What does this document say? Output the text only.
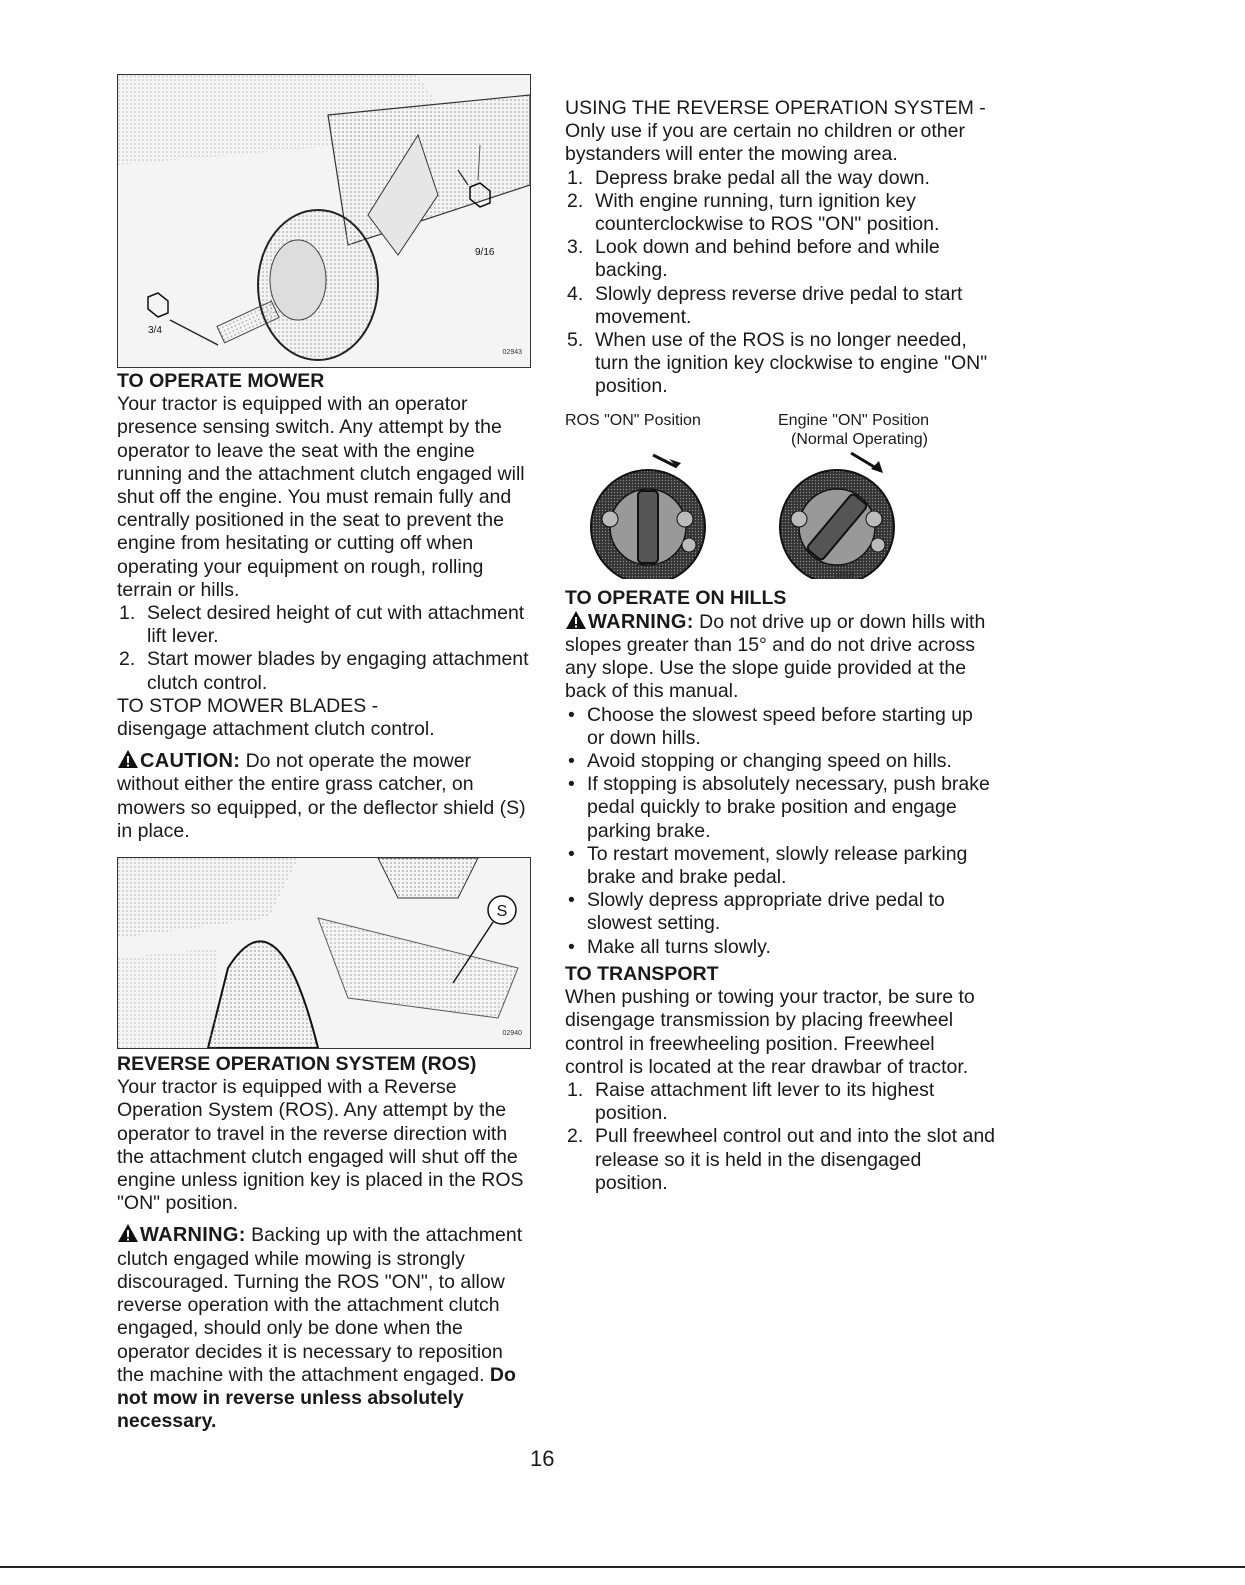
9/16
3/4
02943

TO OPERATE MOWER

Your tractor is equipped with an operator presence sensing switch. Any attempt by the operator to leave the seat with the engine running and the attachment clutch engaged will shut off the engine. You must remain fully and centrally positioned in the seat to prevent the engine from hesitating or cutting off when operating your equipment on rough, rolling terrain or hills.

1. Select desired height of cut with attachment lift lever.
2. Start mower blades by engaging attachment clutch control.

TO STOP MOWER BLADES -

disengage attachment clutch control.

CAUTION: Do not operate the mower without either the entire grass catcher, on mowers so equipped, or the deflector shield (S) in place.

S
02940

REVERSE OPERATION SYSTEM (ROS)

Your tractor is equipped with a Reverse Operation System (ROS). Any attempt by the operator to travel in the reverse direction with the attachment clutch engaged will shut off the engine unless ignition key is placed in the ROS "ON" position.

WARNING: Backing up with the attachment clutch engaged while mowing is strongly discouraged. Turning the ROS "ON", to allow reverse operation with the attachment clutch engaged, should only be done when the operator decides it is necessary to reposition the machine with the attachment engaged. Do not mow in reverse unless absolutely necessary.

USING THE REVERSE OPERATION SYSTEM -

Only use if you are certain no children or other bystanders will enter the mowing area.

1. Depress brake pedal all the way down.
2. With engine running, turn ignition key counterclockwise to ROS "ON" position.
3. Look down and behind before and while backing.
4. Slowly depress reverse drive pedal to start movement.
5. When use of the ROS is no longer needed, turn the ignition key clockwise to engine "ON" position.
ROS "ON" Position	Engine "ON" Position
(Normal Operating)
02025

TO OPERATE ON HILLS

WARNING: Do not drive up or down hills with slopes greater than 15° and do not drive across any slope. Use the slope guide provided at the back of this manual.

• Choose the slowest speed before starting up or down hills.
• Avoid stopping or changing speed on hills.
• If stopping is absolutely necessary, push brake pedal quickly to brake position and engage parking brake.
• To restart movement, slowly release parking brake and brake pedal.
• Slowly depress appropriate drive pedal to slowest setting.
• Make all turns slowly.

TO TRANSPORT

When pushing or towing your tractor, be sure to disengage transmission by placing freewheel control in freewheeling position. Freewheel control is located at the rear drawbar of tractor.

1. Raise attachment lift lever to its highest position.
2. Pull freewheel control out and into the slot and release so it is held in the disengaged position.
16
